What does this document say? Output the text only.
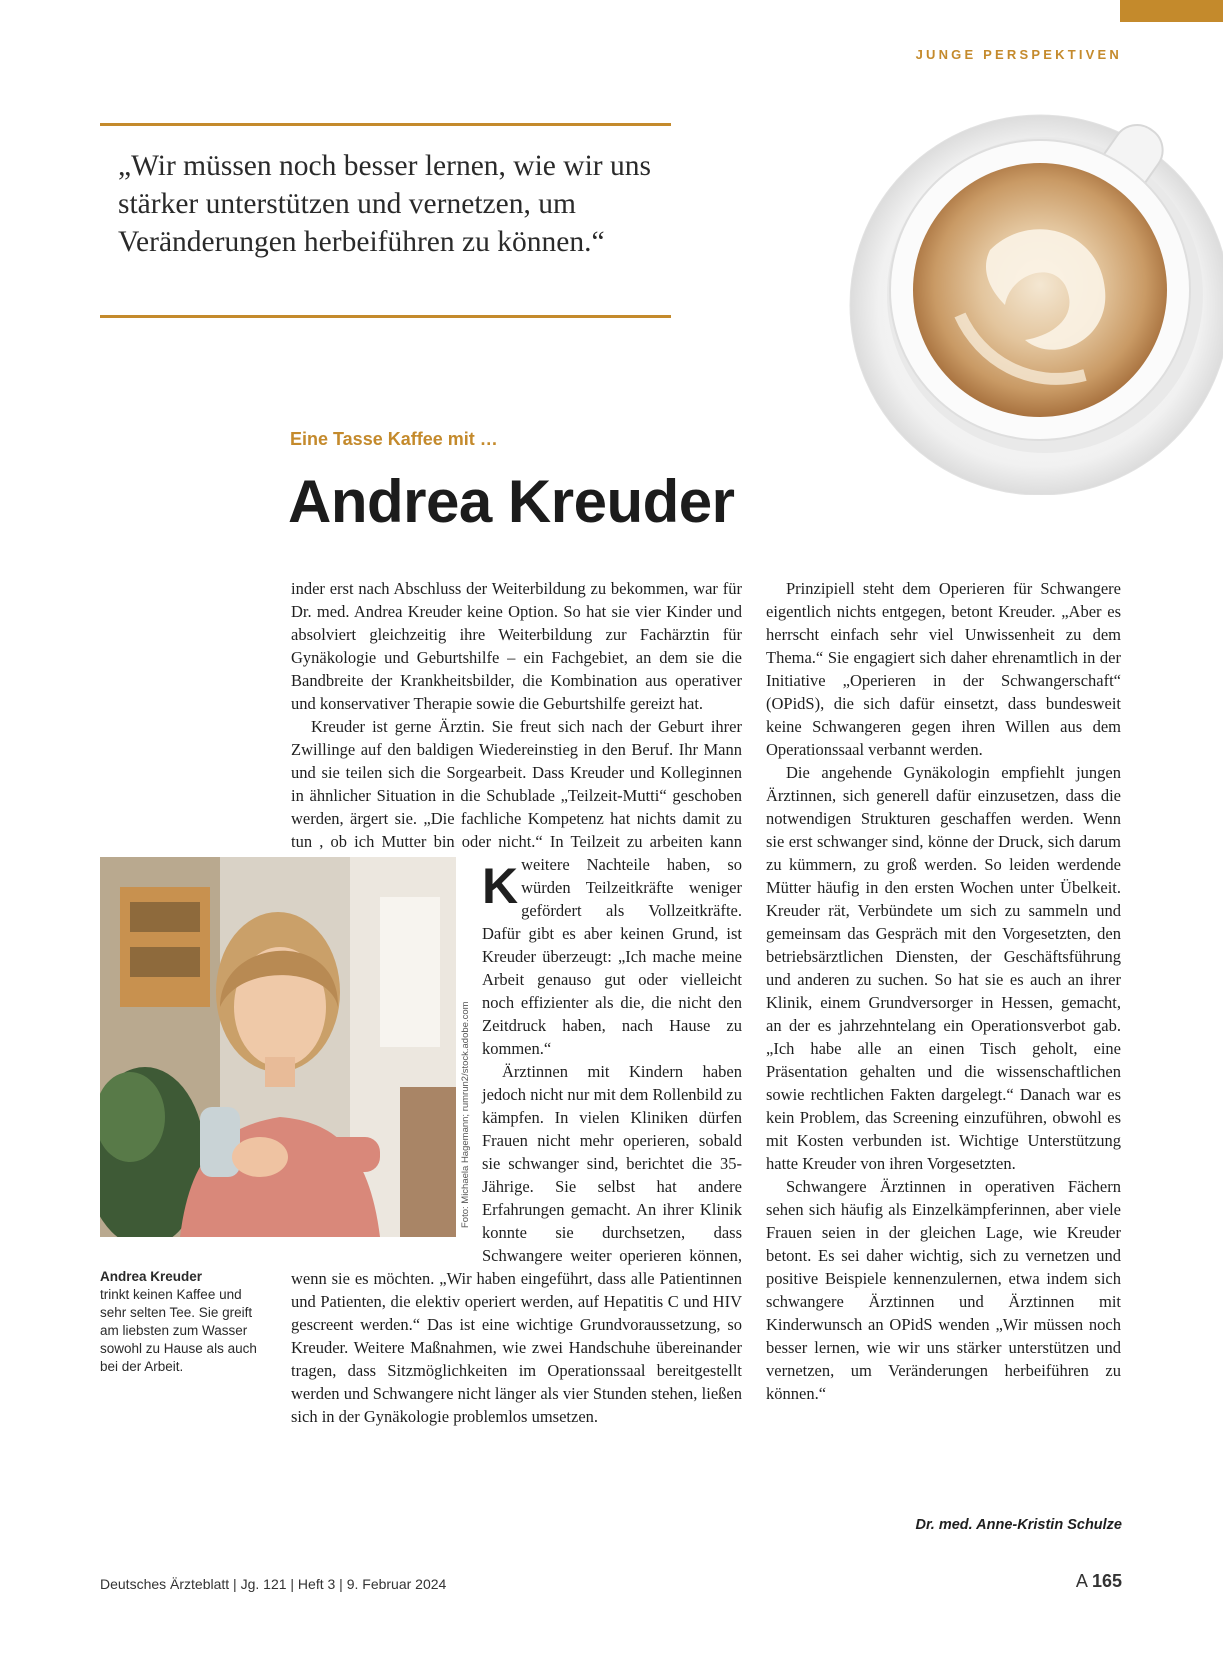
JUNGE PERSPEKTIVEN
„Wir müssen noch besser lernen, wie wir uns stärker unterstützen und vernetzen, um Veränderungen herbeiführen zu können.“
Eine Tasse Kaffee mit …
Andrea Kreuder

K
inder erst nach Abschluss der Weiterbildung zu bekommen, war für Dr. med. Andrea Kreuder keine Option. So hat sie vier Kinder und absolviert gleichzeitig ihre Weiterbildung zur Fachärztin für Gynäkologie und Geburtshilfe – ein Fachgebiet, an dem sie die Bandbreite der Krankheitsbilder, die Kombination aus operativer und konservativer Therapie sowie die Geburtshilfe gereizt hat.

Kreuder ist gerne Ärztin. Sie freut sich nach der Geburt ihrer Zwillinge auf den baldigen Wiedereinstieg in den Beruf. Ihr Mann und sie teilen sich die Sorgearbeit. Dass Kreuder und Kolleginnen in ähnlicher Situation in die Schublade „Teilzeit-Mutti“ geschoben werden, ärgert sie. „Die fachliche Kompetenz hat nichts damit zu tun , ob ich Mutter bin oder nicht.“ In Teilzeit zu arbeiten kann weitere Nachteile haben, so würden Teilzeitkräfte weniger gefördert als Vollzeitkräfte. Dafür gibt es aber keinen Grund, ist Kreuder überzeugt: „Ich mache meine Arbeit genauso gut oder vielleicht noch effizienter als die, die nicht den Zeitdruck haben, nach Hause zu kommen.“

Ärztinnen mit Kindern haben jedoch nicht nur mit dem Rollenbild zu kämpfen. In vielen Kliniken dürfen Frauen nicht mehr operieren, sobald sie schwanger sind, berichtet die 35-Jährige. Sie selbst hat andere Erfahrungen gemacht. An ihrer Klinik konnte sie durchsetzen, dass Schwangere weiter operieren können, wenn sie es möchten. „Wir haben eingeführt, dass alle Patientinnen und Patienten, die elektiv operiert werden, auf Hepatitis C und HIV gescreent werden.“ Das ist eine wichtige Grundvoraussetzung, so Kreuder. Weitere Maßnahmen, wie zwei Handschuhe übereinander tragen, dass Sitzmöglichkeiten im Operationssaal bereitgestellt werden und Schwangere nicht länger als vier Stunden stehen, ließen sich in der Gynäkologie problemlos umsetzen.

Prinzipiell steht dem Operieren für Schwangere eigentlich nichts entgegen, betont Kreuder. „Aber es herrscht einfach sehr viel Unwissenheit zu dem Thema.“ Sie engagiert sich daher ehrenamtlich in der Initiative „Operieren in der Schwangerschaft“ (OPidS), die sich dafür einsetzt, dass bundesweit keine Schwangeren gegen ihren Willen aus dem Operationssaal verbannt werden.

Die angehende Gynäkologin empfiehlt jungen Ärztinnen, sich generell dafür einzusetzen, dass die notwendigen Strukturen geschaffen werden. Wenn sie erst schwanger sind, könne der Druck, sich darum zu kümmern, zu groß werden. So leiden werdende Mütter häufig in den ersten Wochen unter Übelkeit. Kreuder rät, Verbündete um sich zu sammeln und gemeinsam das Gespräch mit den Vorgesetzten, den betriebsärztlichen Diensten, der Geschäftsführung und anderen zu suchen. So hat sie es auch an ihrer Klinik, einem Grundversorger in Hessen, gemacht, an der es jahrzehntelang ein Operationsverbot gab. „Ich habe alle an einen Tisch geholt, eine Präsentation gehalten und die wissenschaftlichen sowie rechtlichen Fakten dargelegt.“ Danach war es kein Problem, das Screening einzuführen, obwohl es mit Kosten verbunden ist. Wichtige Unterstützung hatte Kreuder von ihren Vorgesetzten.

Schwangere Ärztinnen in operativen Fächern sehen sich häufig als Einzelkämpferinnen, aber viele Frauen seien in der gleichen Lage, wie Kreuder betont. Es sei daher wichtig, sich zu vernetzen und positive Beispiele kennenzulernen, etwa indem sich schwangere Ärztinnen und Ärztinnen mit Kinderwunsch an OPidS wenden „Wir müssen noch besser lernen, wie wir uns stärker unterstützen und vernetzen, um Veränderungen herbeiführen zu können.“

Foto: Michaela Hagemann; rumrun2/stock.adobe.com
Andrea Kreuder
trinkt keinen Kaffee und sehr selten Tee. Sie greift am liebsten zum Wasser sowohl zu Hause als auch bei der Arbeit.
Dr. med. Anne-Kristin Schulze
Deutsches Ärzteblatt | Jg. 121 | Heft 3 | 9. Februar 2024	A 165
